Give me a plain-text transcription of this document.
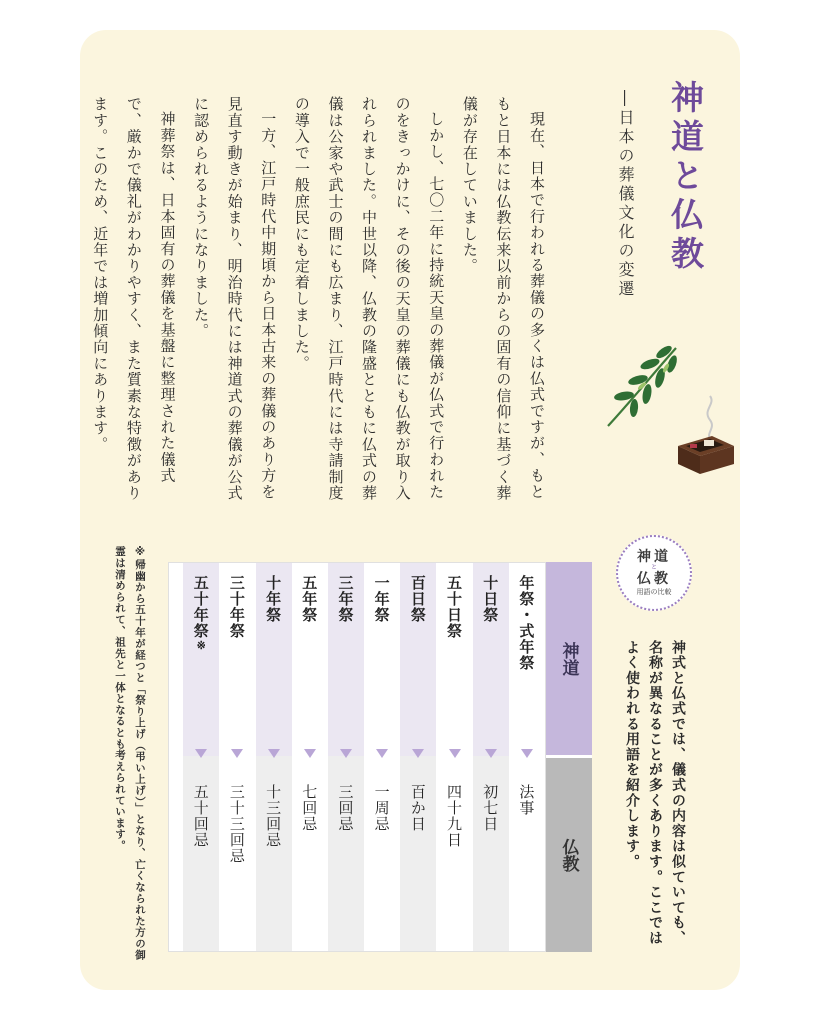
神道と仏教
―日本の葬儀文化の変遷

現在、日本で行われる葬儀の多くは仏式ですが、もともと日本には仏教伝来以前からの固有の信仰に基づく葬儀が存在していました。

しかし、七〇二年に持統天皇の葬儀が仏式で行われたのをきっかけに、その後の天皇の葬儀にも仏教が取り入れられました。中世以降、仏教の隆盛とともに仏式の葬儀は公家や武士の間にも広まり、江戸時代には寺請制度の導入で一般庶民にも定着しました。

一方、江戸時代中期頃から日本古来の葬儀のあり方を見直す動きが始まり、明治時代には神道式の葬儀が公式に認められるようになりました。

神葬祭は、日本固有の葬儀を基盤に整理された儀式で、厳かで儀礼がわかりやすく、また質素な特徴があります。このため、近年では増加傾向にあります。

神道
と
仏教
用語の比較
神式と仏式では、儀式の内容は似ていても、名称が異なることが多くあります。ここではよく使われる用語を紹介します。
神道
仏教
年祭・式年祭
法事
十日祭
初七日
五十日祭
四十九日
百日祭
百か日
一年祭
一周忌
三年祭
三回忌
五年祭
七回忌
十年祭
十三回忌
三十年祭
三十三回忌
五十年祭※
五十回忌
※帰幽から五十年が経つと「祭り上げ（弔い上げ）」となり、亡くなられた方の御霊は清められて、祖先と一体となるとも考えられています。
